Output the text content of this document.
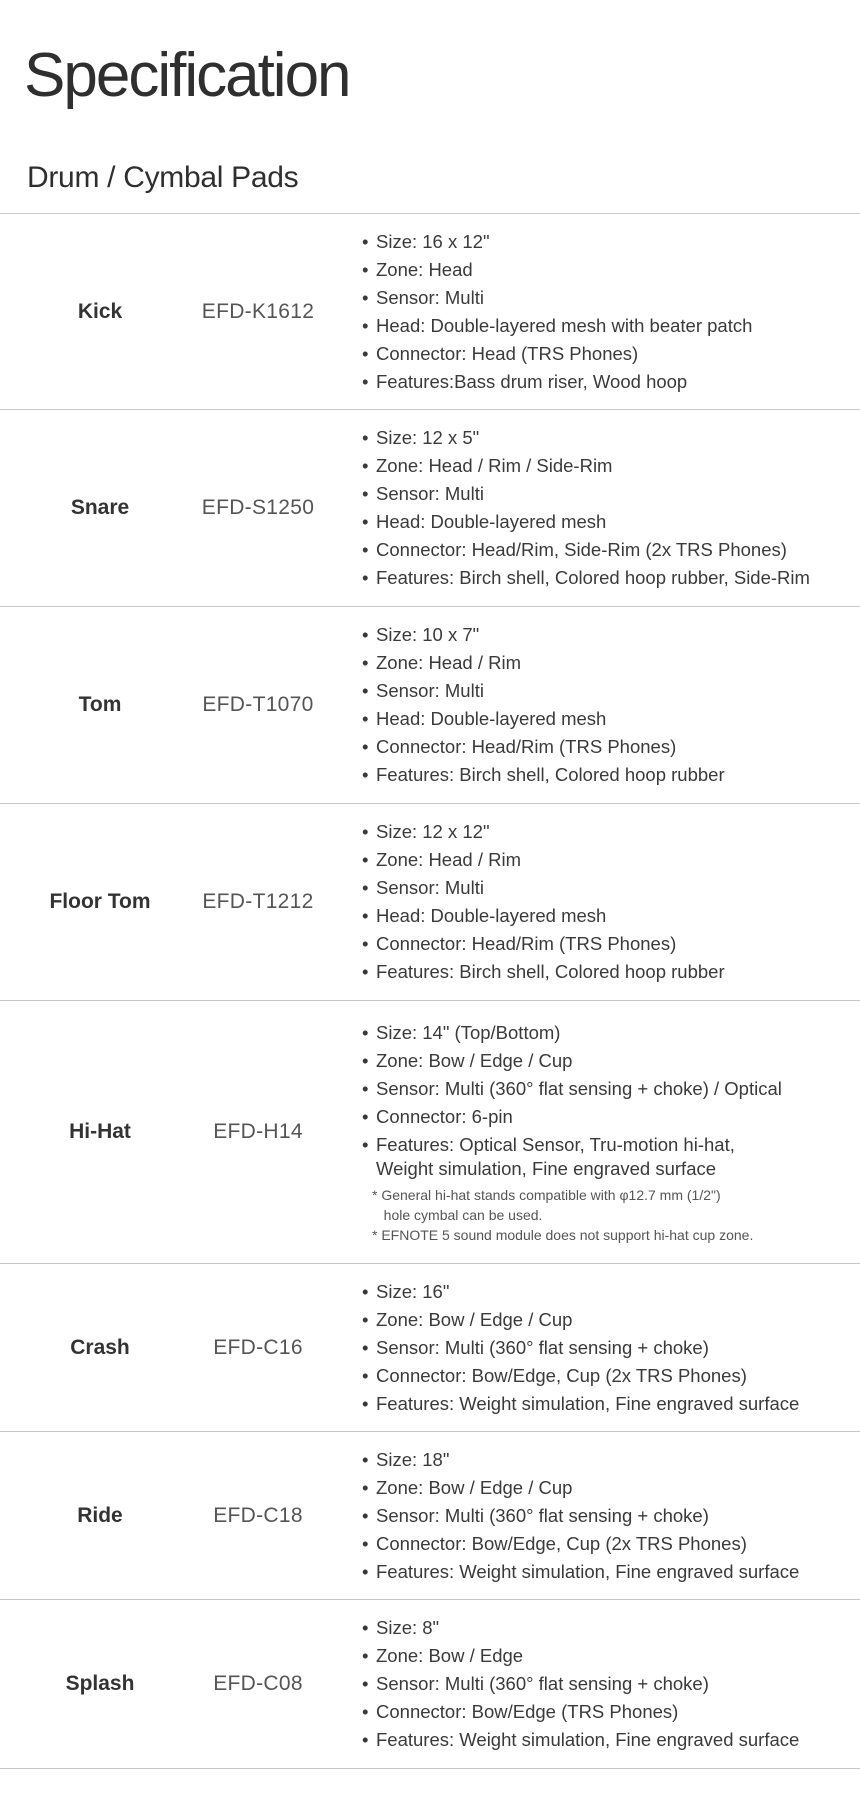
Specification
Drum / Cymbal Pads
Kick	EFD-K1612
• Size: 16 x 12"
• Zone: Head
• Sensor: Multi
• Head: Double-layered mesh with beater patch
• Connector: Head (TRS Phones)
• Features:Bass drum riser, Wood hoop
Snare	EFD-S1250
• Size: 12 x 5"
• Zone: Head / Rim / Side-Rim
• Sensor: Multi
• Head: Double-layered mesh
• Connector: Head/Rim, Side-Rim (2x TRS Phones)
• Features: Birch shell, Colored hoop rubber, Side-Rim
Tom	EFD-T1070
• Size: 10 x 7"
• Zone: Head / Rim
• Sensor: Multi
• Head: Double-layered mesh
• Connector: Head/Rim (TRS Phones)
• Features: Birch shell, Colored hoop rubber
Floor Tom	EFD-T1212
• Size: 12 x 12"
• Zone: Head / Rim
• Sensor: Multi
• Head: Double-layered mesh
• Connector: Head/Rim (TRS Phones)
• Features: Birch shell, Colored hoop rubber
Hi-Hat	EFD-H14
• Size: 14" (Top/Bottom)
• Zone: Bow / Edge / Cup
• Sensor: Multi (360° flat sensing + choke) / Optical
• Connector: 6-pin
• Features: Optical Sensor, Tru-motion hi-hat,
Weight simulation, Fine engraved surface
* General hi-hat stands compatible with φ12.7 mm (1/2")
hole cymbal can be used.
* EFNOTE 5 sound module does not support hi-hat cup zone.
Crash	EFD-C16
• Size: 16"
• Zone: Bow / Edge / Cup
• Sensor: Multi (360° flat sensing + choke)
• Connector: Bow/Edge, Cup (2x TRS Phones)
• Features: Weight simulation, Fine engraved surface
Ride	EFD-C18
• Size: 18"
• Zone: Bow / Edge / Cup
• Sensor: Multi (360° flat sensing + choke)
• Connector: Bow/Edge, Cup (2x TRS Phones)
• Features: Weight simulation, Fine engraved surface
Splash	EFD-C08
• Size: 8"
• Zone: Bow / Edge
• Sensor: Multi (360° flat sensing + choke)
• Connector: Bow/Edge (TRS Phones)
• Features: Weight simulation, Fine engraved surface
